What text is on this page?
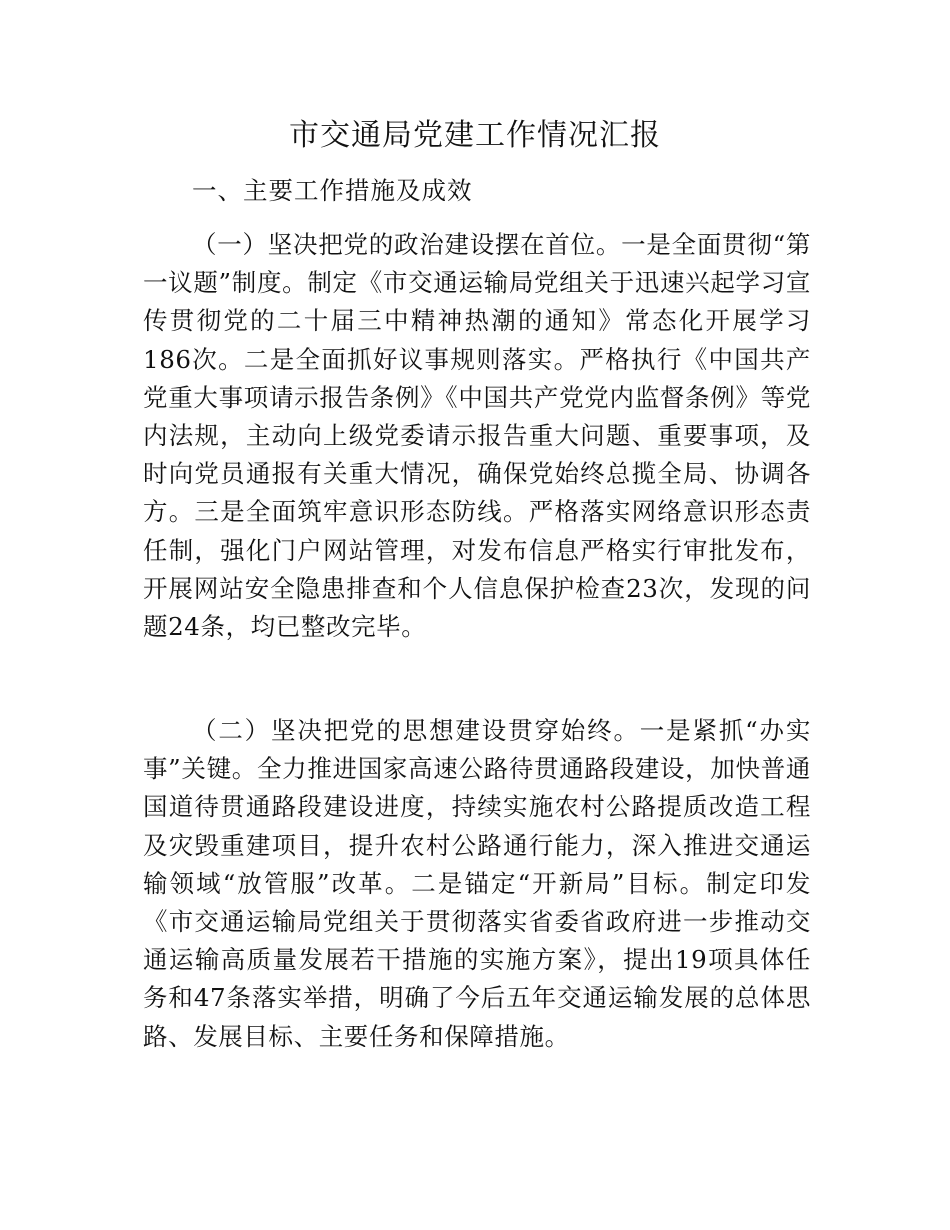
市交通局党建工作情况汇报

一、主要工作措施及成效

（一）坚决把党的政治建设摆在首位。一是全面贯彻“第一议题”制度。制定《市交通运输局党组关于迅速兴起学习宣传贯彻党的二十届三中精神热潮的通知》常态化开展学习186次。二是全面抓好议事规则落实。严格执行《中国共产党重大事项请示报告条例》《中国共产党党内监督条例》等党内法规，主动向上级党委请示报告重大问题、重要事项，及时向党员通报有关重大情况，确保党始终总揽全局、协调各方。三是全面筑牢意识形态防线。严格落实网络意识形态责任制，强化门户网站管理，对发布信息严格实行审批发布，开展网站安全隐患排查和个人信息保护检查23次，发现的问题24条，均已整改完毕。

（二）坚决把党的思想建设贯穿始终。一是紧抓“办实事”关键。全力推进国家高速公路待贯通路段建设，加快普通国道待贯通路段建设进度，持续实施农村公路提质改造工程及灾毁重建项目，提升农村公路通行能力，深入推进交通运输领域“放管服”改革。二是锚定“开新局”目标。制定印发《市交通运输局党组关于贯彻落实省委省政府进一步推动交通运输高质量发展若干措施的实施方案》，提出19项具体任务和47条落实举措，明确了今后五年交通运输发展的总体思路、发展目标、主要任务和保障措施。
